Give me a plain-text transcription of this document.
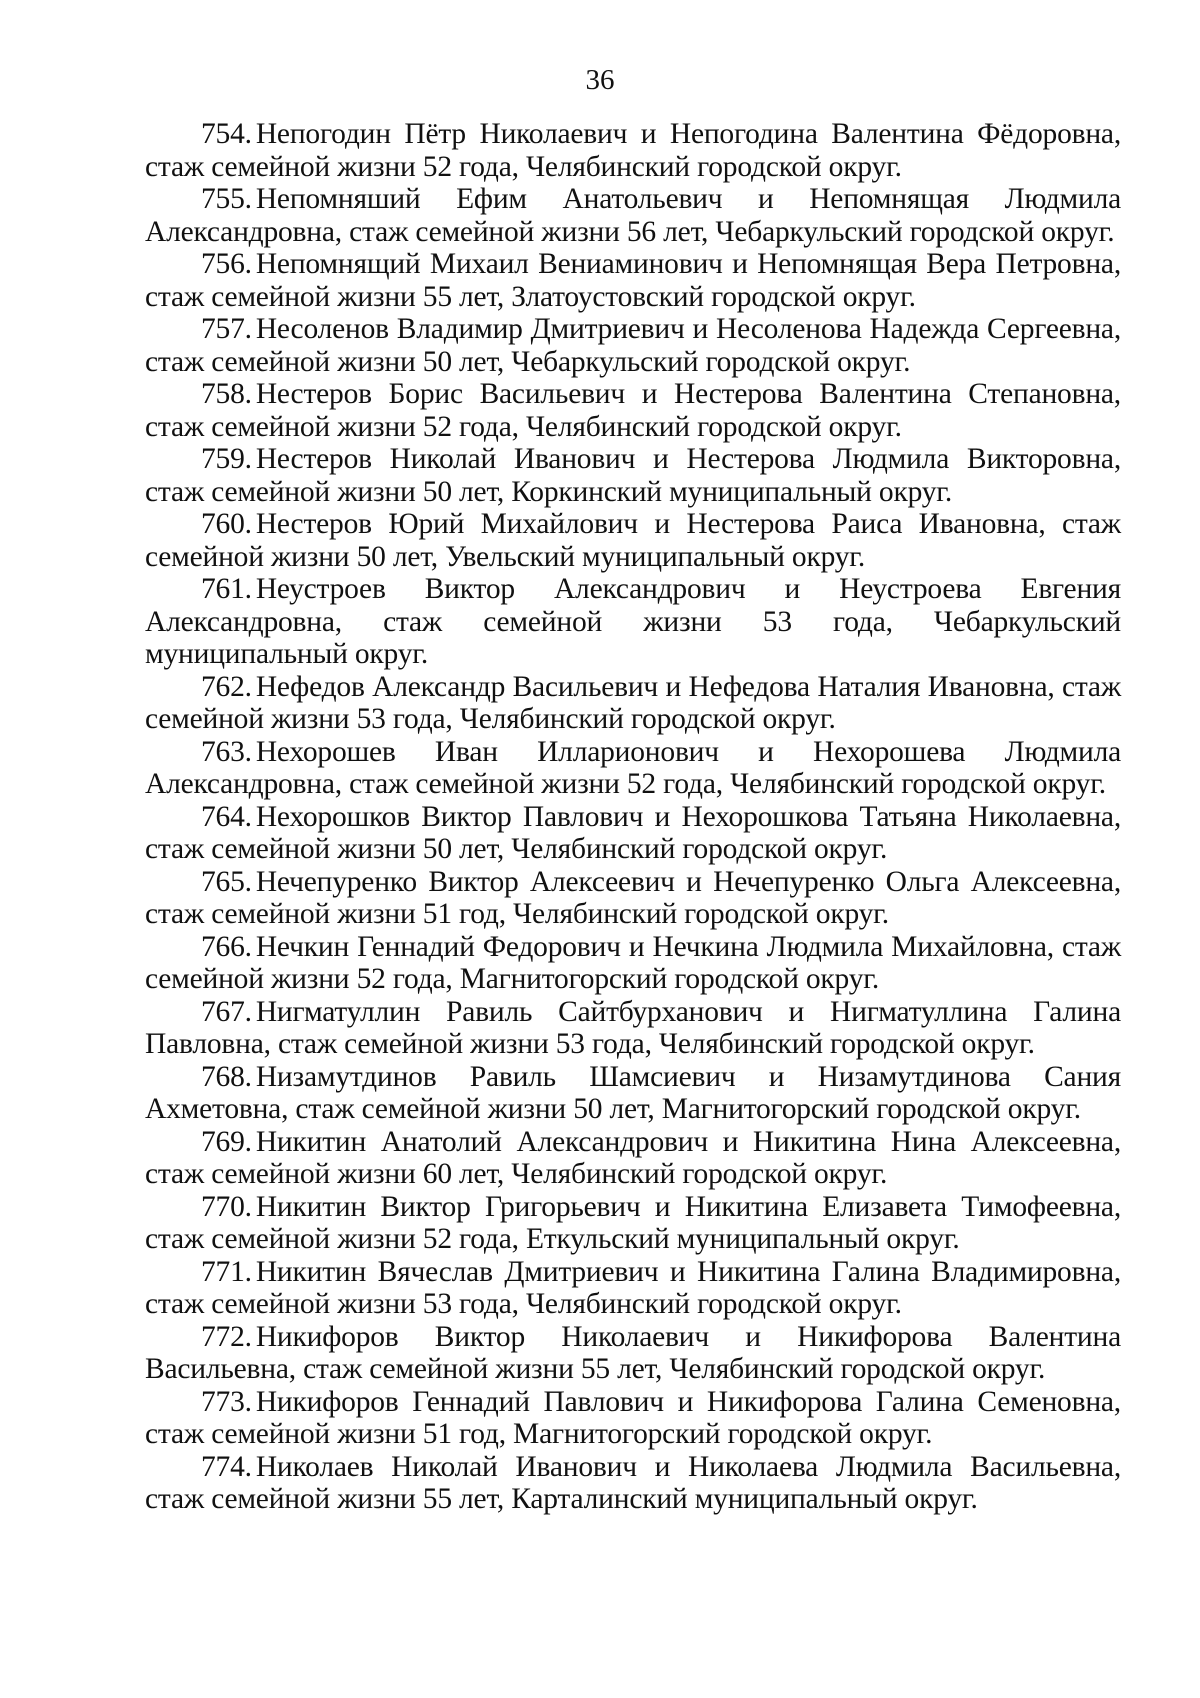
36

754. Непогодин Пётр Николаевич и Непогодина Валентина Фёдоровна, стаж семейной жизни 52 года, Челябинский городской округ.

755. Непомняший Ефим Анатольевич и Непомнящая Людмила Александровна, стаж семейной жизни 56 лет, Чебаркульский городской округ.

756. Непомнящий Михаил Вениаминович и Непомнящая Вера Петровна, стаж семейной жизни 55 лет, Златоустовский городской округ.

757. Несоленов Владимир Дмитриевич и Несоленова Надежда Сергеевна, стаж семейной жизни 50 лет, Чебаркульский городской округ.

758. Нестеров Борис Васильевич и Нестерова Валентина Степановна, стаж семейной жизни 52 года, Челябинский городской округ.

759. Нестеров Николай Иванович и Нестерова Людмила Викторовна, стаж семейной жизни 50 лет, Коркинский муниципальный округ.

760. Нестеров Юрий Михайлович и Нестерова Раиса Ивановна, стаж семейной жизни 50 лет, Увельский муниципальный округ.

761. Неустроев Виктор Александрович и Неустроева Евгения Александровна, стаж семейной жизни 53 года, Чебаркульский муниципальный округ.

762. Нефедов Александр Васильевич и Нефедова Наталия Ивановна, стаж семейной жизни 53 года, Челябинский городской округ.

763. Нехорошев Иван Илларионович и Нехорошева Людмила Александровна, стаж семейной жизни 52 года, Челябинский городской округ.

764. Нехорошков Виктор Павлович и Нехорошкова Татьяна Николаевна, стаж семейной жизни 50 лет, Челябинский городской округ.

765. Нечепуренко Виктор Алексеевич и Нечепуренко Ольга Алексеевна, стаж семейной жизни 51 год, Челябинский городской округ.

766. Нечкин Геннадий Федорович и Нечкина Людмила Михайловна, стаж семейной жизни 52 года, Магнитогорский городской округ.

767. Нигматуллин Равиль Сайтбурханович и Нигматуллина Галина Павловна, стаж семейной жизни 53 года, Челябинский городской округ.

768. Низамутдинов Равиль Шамсиевич и Низамутдинова Сания Ахметовна, стаж семейной жизни 50 лет, Магнитогорский городской округ.

769. Никитин Анатолий Александрович и Никитина Нина Алексеевна, стаж семейной жизни 60 лет, Челябинский городской округ.

770. Никитин Виктор Григорьевич и Никитина Елизавета Тимофеевна, стаж семейной жизни 52 года, Еткульский муниципальный округ.

771. Никитин Вячеслав Дмитриевич и Никитина Галина Владимировна, стаж семейной жизни 53 года, Челябинский городской округ.

772. Никифоров Виктор Николаевич и Никифорова Валентина Васильевна, стаж семейной жизни 55 лет, Челябинский городской округ.

773. Никифоров Геннадий Павлович и Никифорова Галина Семеновна, стаж семейной жизни 51 год, Магнитогорский городской округ.

774. Николаев Николай Иванович и Николаева Людмила Васильевна, стаж семейной жизни 55 лет, Карталинский муниципальный округ.
